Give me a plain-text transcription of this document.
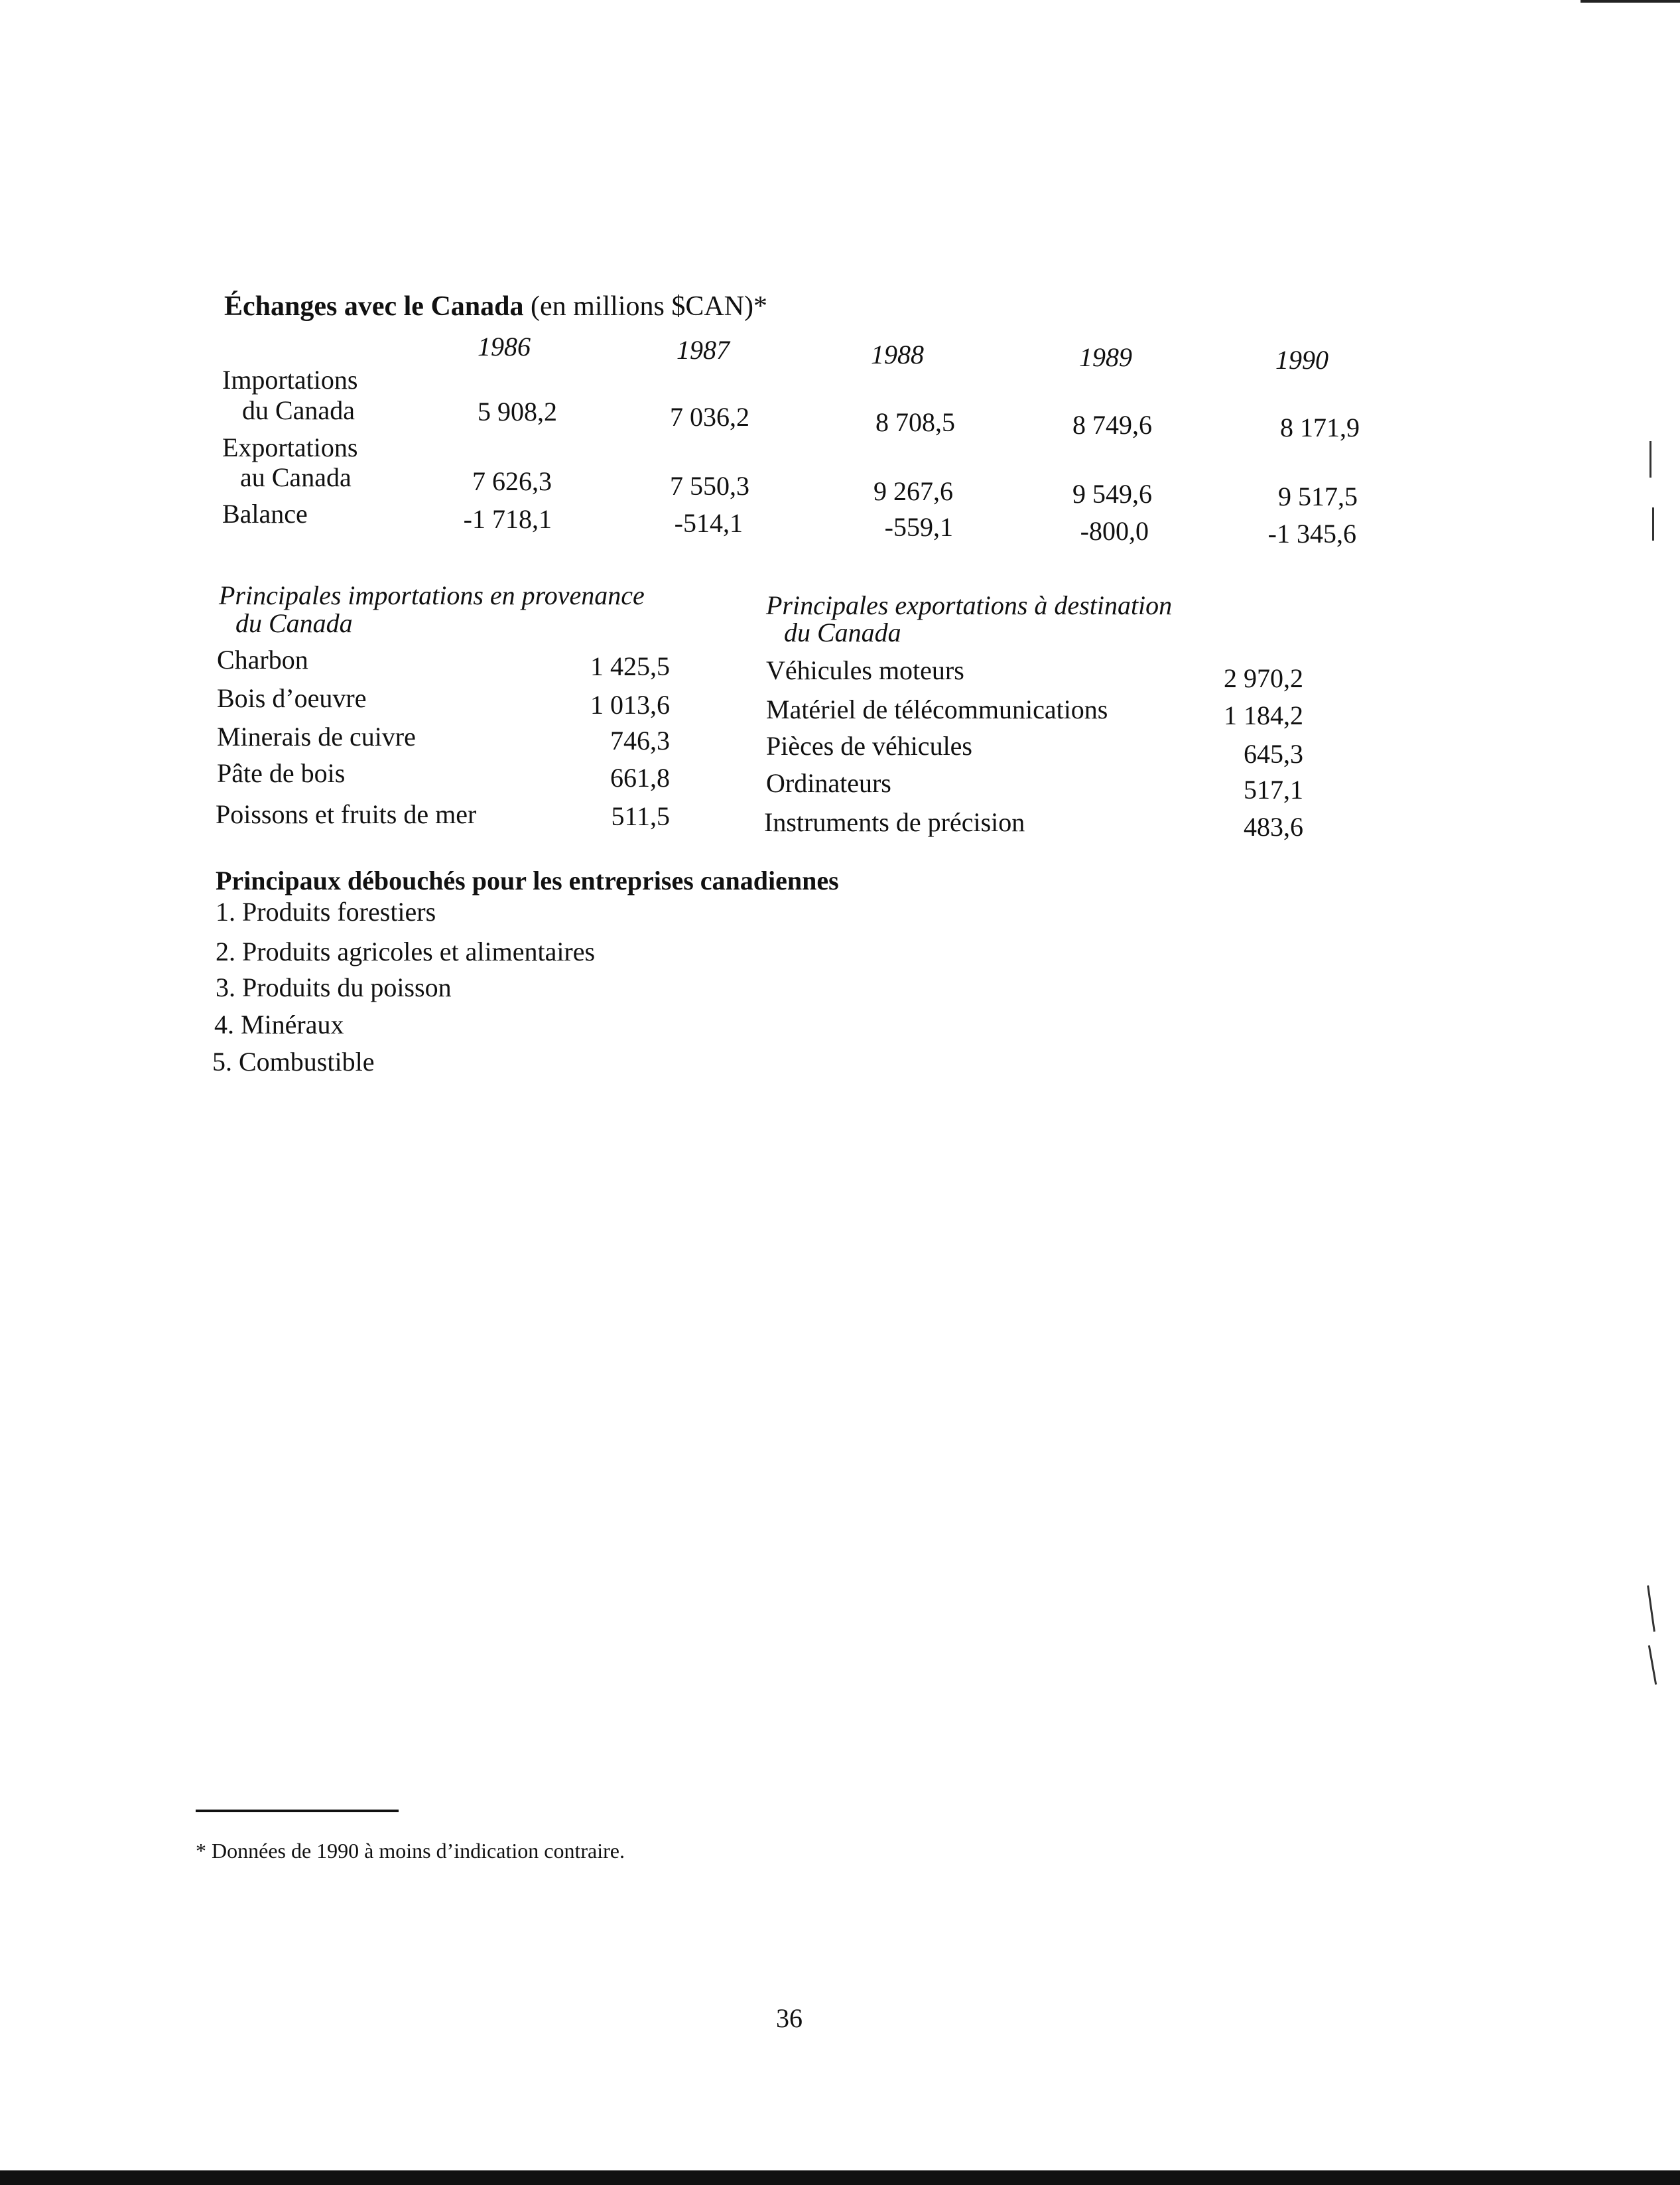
Échanges avec le Canada (en millions $CAN)*
1986	1987	1988	1989	1990
Importations
du Canada	5 908,2	7 036,2	8 708,5	8 749,6	8 171,9
Exportations
au Canada	7 626,3	7 550,3	9 267,6	9 549,6	9 517,5
Balance	-1 718,1	-514,1	-559,1	-800,0	-1 345,6
Principales importations en provenance
du Canada
Charbon	1 425,5
Bois d’oeuvre	1 013,6
Minerais de cuivre	746,3
Pâte de bois	661,8
Poissons et fruits de mer	511,5
Principales exportations à destination
du Canada
Véhicules moteurs	2 970,2
Matériel de télécommunications	1 184,2
Pièces de véhicules	645,3
Ordinateurs	517,1
Instruments de précision	483,6
Principaux débouchés pour les entreprises canadiennes
1. Produits forestiers
2. Produits agricoles et alimentaires
3. Produits du poisson
4. Minéraux
5. Combustible
* Données de 1990 à moins d’indication contraire.
36
